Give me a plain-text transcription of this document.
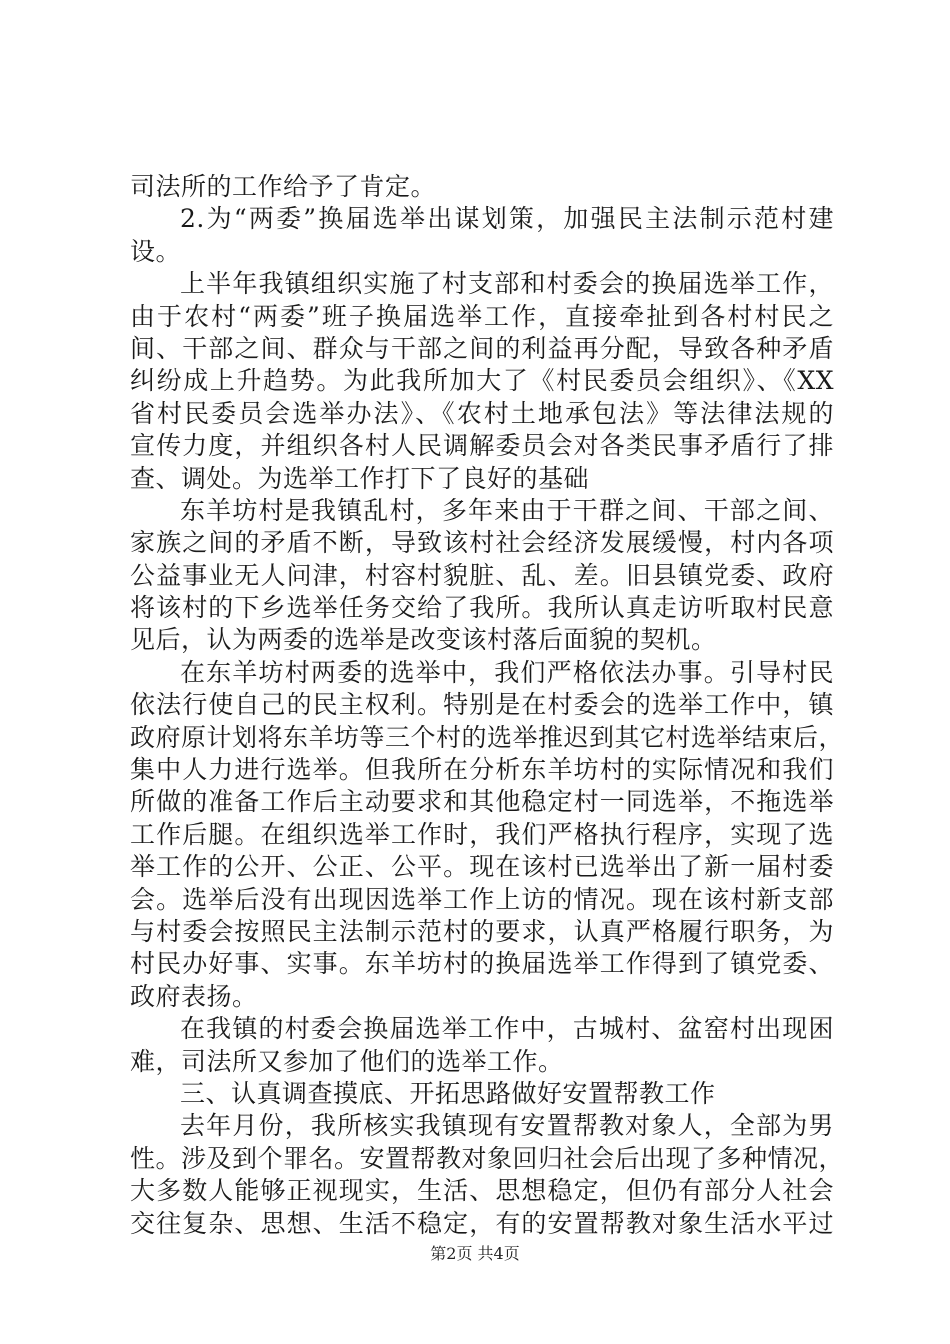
司法所的工作给予了肯定。
2.为“两委”换届选举出谋划策，加强民主法制示范村建
设。
上半年我镇组织实施了村支部和村委会的换届选举工作，
由于农村“两委”班子换届选举工作，直接牵扯到各村村民之
间、干部之间、群众与干部之间的利益再分配，导致各种矛盾
纠纷成上升趋势。为此我所加大了《村民委员会组织》、《XX
省村民委员会选举办法》、《农村土地承包法》等法律法规的
宣传力度，并组织各村人民调解委员会对各类民事矛盾行了排
查、调处。为选举工作打下了良好的基础
东羊坊村是我镇乱村，多年来由于干群之间、干部之间、
家族之间的矛盾不断，导致该村社会经济发展缓慢，村内各项
公益事业无人问津，村容村貌脏、乱、差。旧县镇党委、政府
将该村的下乡选举任务交给了我所。我所认真走访听取村民意
见后，认为两委的选举是改变该村落后面貌的契机。
在东羊坊村两委的选举中，我们严格依法办事。引导村民
依法行使自己的民主权利。特别是在村委会的选举工作中，镇
政府原计划将东羊坊等三个村的选举推迟到其它村选举结束后，
集中人力进行选举。但我所在分析东羊坊村的实际情况和我们
所做的准备工作后主动要求和其他稳定村一同选举，不拖选举
工作后腿。在组织选举工作时，我们严格执行程序，实现了选
举工作的公开、公正、公平。现在该村已选举出了新一届村委
会。选举后没有出现因选举工作上访的情况。现在该村新支部
与村委会按照民主法制示范村的要求，认真严格履行职务，为
村民办好事、实事。东羊坊村的换届选举工作得到了镇党委、
政府表扬。
在我镇的村委会换届选举工作中，古城村、盆窑村出现困
难，司法所又参加了他们的选举工作。
三、认真调查摸底、开拓思路做好安置帮教工作
去年月份，我所核实我镇现有安置帮教对象人，全部为男
性。涉及到个罪名。安置帮教对象回归社会后出现了多种情况，
大多数人能够正视现实，生活、思想稳定，但仍有部分人社会
交往复杂、思想、生活不稳定，有的安置帮教对象生活水平过
第2页 共4页
